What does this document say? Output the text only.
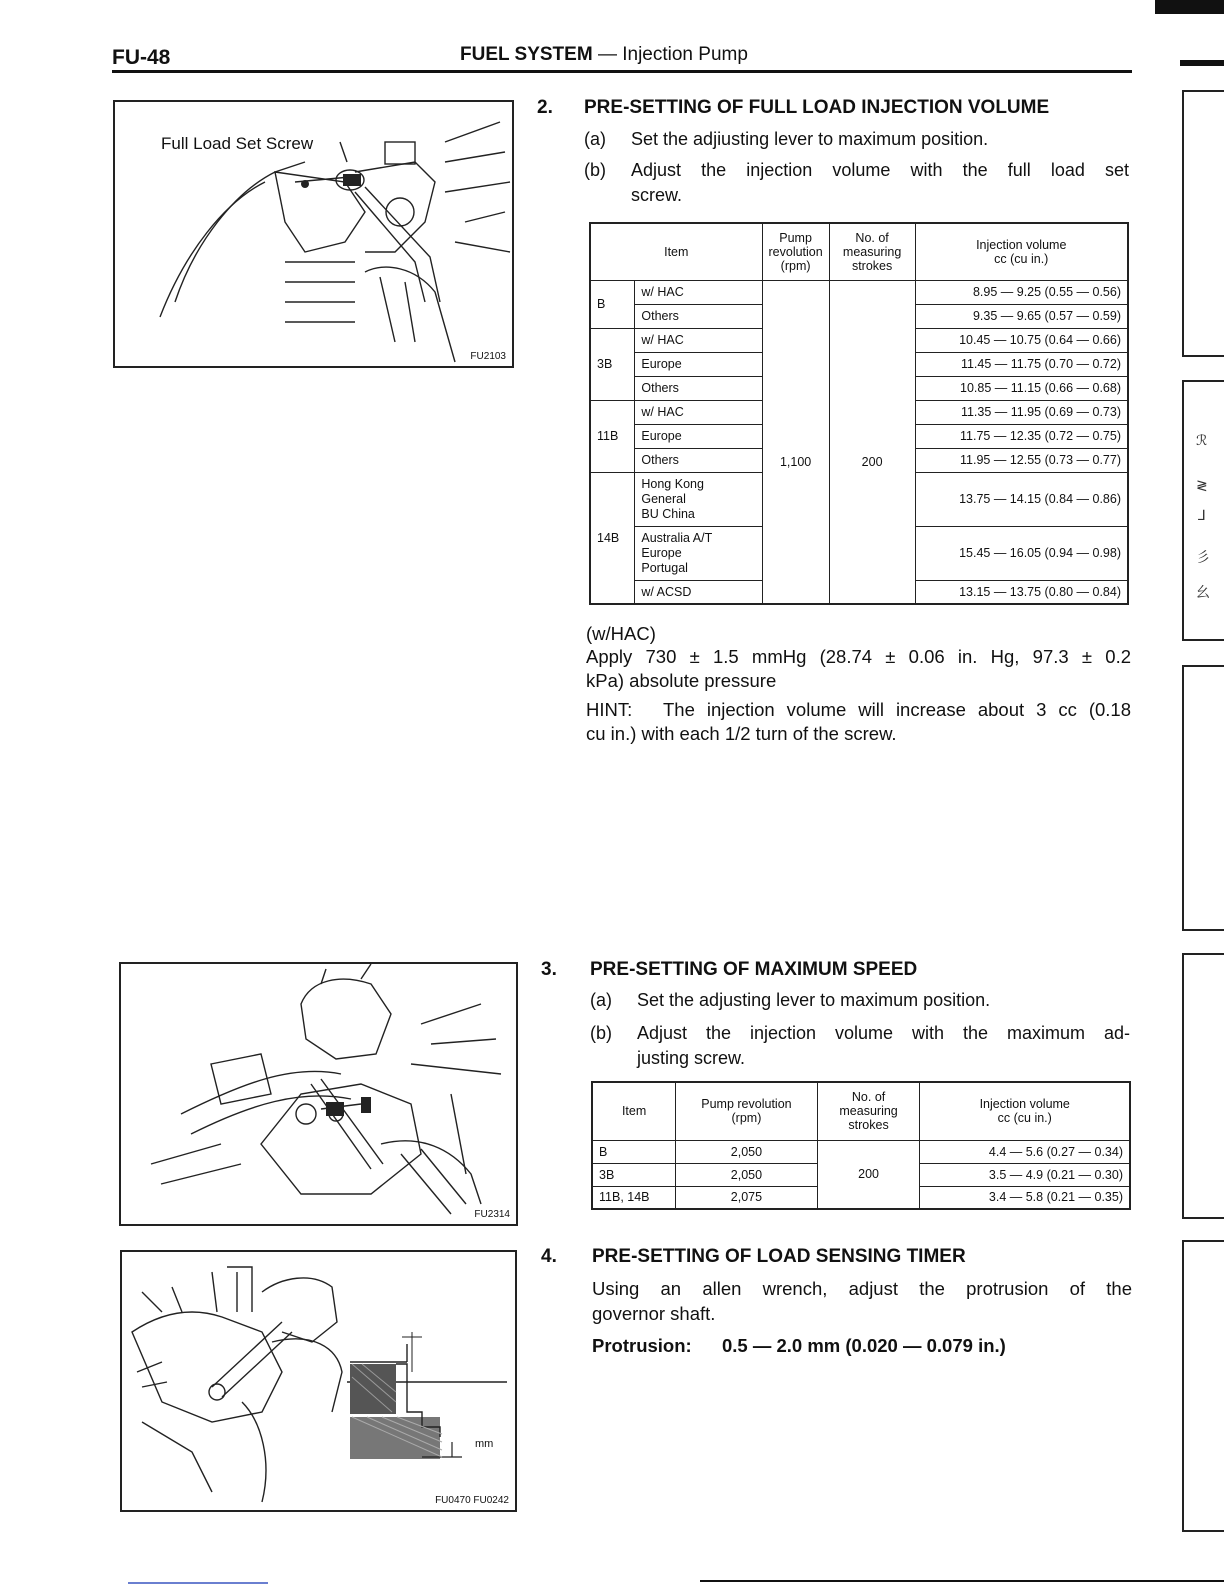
FU-48	FUEL SYSTEM — Injection Pump
Full Load Set Screw
FU2103
2. PRE-SETTING OF FULL LOAD INJECTION VOLUME
(a) Set the adjiusting lever to maximum position.
(b) Adjust the injection volume with the full load set
screw.
Item		Pump
revolution
(rpm)	No. of
measuring
strokes	Injection volume
cc (cu in.)
B	w/ HAC	1,100	200	8.95 — 9.25 (0.55 — 0.56)
	Others			9.35 — 9.65 (0.57 — 0.59)
3B	w/ HAC			10.45 — 10.75 (0.64 — 0.66)
	Europe			11.45 — 11.75 (0.70 — 0.72)
	Others			10.85 — 11.15 (0.66 — 0.68)
11B	w/ HAC			11.35 — 11.95 (0.69 — 0.73)
	Europe			11.75 — 12.35 (0.72 — 0.75)
	Others			11.95 — 12.55 (0.73 — 0.77)
14B	Hong Kong
General
BU China			13.75 — 14.15 (0.84 — 0.86)
	Australia A/T
Europe
Portugal			15.45 — 16.05 (0.94 — 0.98)
	w/ ACSD			13.15 — 13.75 (0.80 — 0.84)
(w/HAC)
Apply 730 ± 1.5 mmHg (28.74 ± 0.06 in. Hg, 97.3 ± 0.2
kPa) absolute pressure
HINT: The injection volume will increase about 3 cc (0.18
cu in.) with each 1/2 turn of the screw.
FU2314
3. PRE-SETTING OF MAXIMUM SPEED
(a) Set the adjusting lever to maximum position.
(b) Adjust the injection volume with the maximum ad-
justing screw.
Item	Pump revolution
(rpm)	No. of
measuring
strokes	Injection volume
cc (cu in.)
B	2,050	200	4.4 — 5.6 (0.27 — 0.34)
3B	2,050		3.5 — 4.9 (0.21 — 0.30)
11B, 14B	2,075		3.4 — 5.8 (0.21 — 0.35)
mm
FU0470 FU0242
4. PRE-SETTING OF LOAD SENSING TIMER
Using an allen wrench, adjust the protrusion of the
governor shaft.
Protrusion: 0.5 — 2.0 mm (0.020 — 0.079 in.)
ℛ
≷
⅃
⼺
⺓
